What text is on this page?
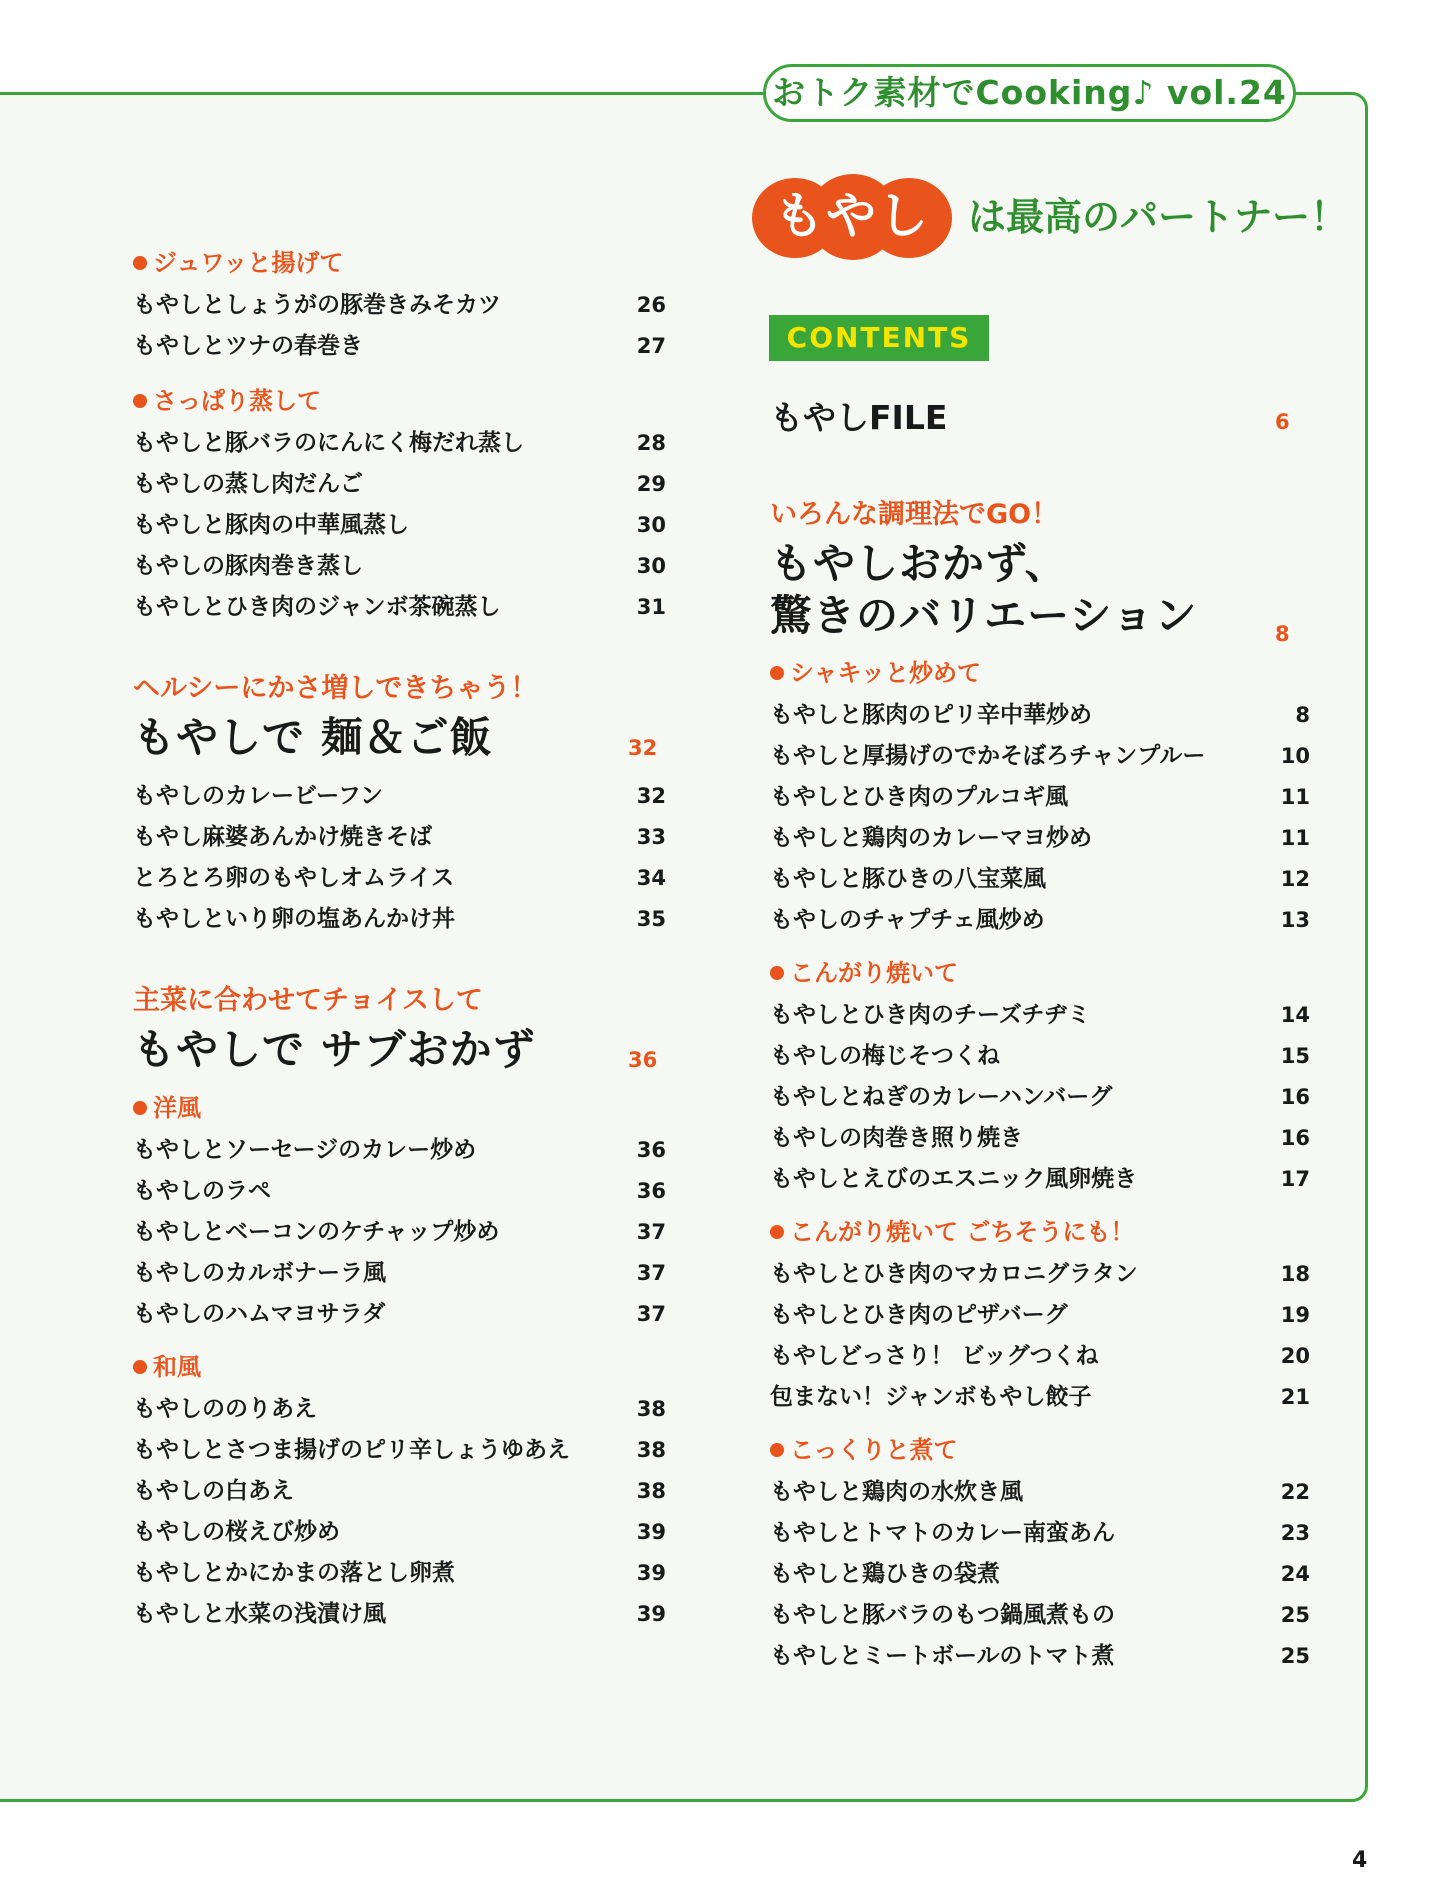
おトク素材でCooking♪ vol.24
もやし	は最高のパートナー！
CONTENTS
もやしFILE	6
いろんな調理法でGO！
もやしおかず、
驚きのバリエーション	8
シャキッと炒めて
もやしと豚肉のピリ辛中華炒め	8
もやしと厚揚げのでかそぼろチャンプルー	10
もやしとひき肉のプルコギ風	11
もやしと鶏肉のカレーマヨ炒め	11
もやしと豚ひきの八宝菜風	12
もやしのチャプチェ風炒め	13
こんがり焼いて
もやしとひき肉のチーズチヂミ	14
もやしの梅じそつくね	15
もやしとねぎのカレーハンバーグ	16
もやしの肉巻き照り焼き	16
もやしとえびのエスニック風卵焼き	17
こんがり焼いて ごちそうにも！
もやしとひき肉のマカロニグラタン	18
もやしとひき肉のピザバーグ	19
もやしどっさり！ ビッグつくね	20
包まない！ジャンボもやし餃子	21
こっくりと煮て
もやしと鶏肉の水炊き風	22
もやしとトマトのカレー南蛮あん	23
もやしと鶏ひきの袋煮	24
もやしと豚バラのもつ鍋風煮もの	25
もやしとミートボールのトマト煮	25
ジュワッと揚げて
もやしとしょうがの豚巻きみそカツ	26
もやしとツナの春巻き	27
さっぱり蒸して
もやしと豚バラのにんにく梅だれ蒸し	28
もやしの蒸し肉だんご	29
もやしと豚肉の中華風蒸し	30
もやしの豚肉巻き蒸し	30
もやしとひき肉のジャンボ茶碗蒸し	31
ヘルシーにかさ増しできちゃう！
もやしで 麺＆ご飯	32
もやしのカレービーフン	32
もやし麻婆あんかけ焼きそば	33
とろとろ卵のもやしオムライス	34
もやしといり卵の塩あんかけ丼	35
主菜に合わせてチョイスして
もやしで サブおかず	36
洋風
もやしとソーセージのカレー炒め	36
もやしのラペ	36
もやしとベーコンのケチャップ炒め	37
もやしのカルボナーラ風	37
もやしのハムマヨサラダ	37
和風
もやしののりあえ	38
もやしとさつま揚げのピリ辛しょうゆあえ	38
もやしの白あえ	38
もやしの桜えび炒め	39
もやしとかにかまの落とし卵煮	39
もやしと水菜の浅漬け風	39
4
